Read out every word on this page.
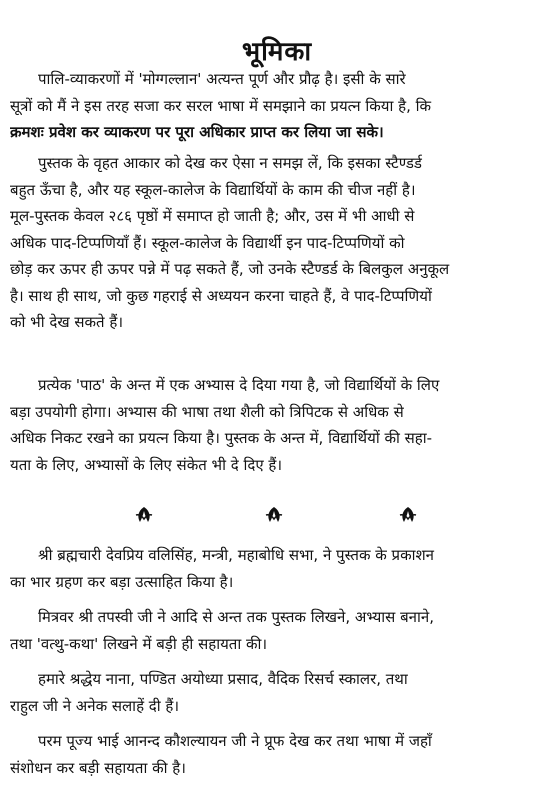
भूमिका

पालि-व्याकरणों में 'मोग्गल्लान' अत्यन्त पूर्ण और प्रौढ़ है। इसी के सारे

सूत्रों को मैं ने इस तरह सजा कर सरल भाषा में समझाने का प्रयत्न किया है, कि

क्रमशः प्रवेश कर व्याकरण पर पूरा अधिकार प्राप्त कर लिया जा सके।

पुस्तक के वृहत आकार को देख कर ऐसा न समझ लें, कि इसका स्टैण्डर्ड

बहुत ऊँचा है, और यह स्कूल-कालेज के विद्यार्थियों के काम की चीज नहीं है।

मूल-पुस्तक केवल २८६ पृष्ठों में समाप्त हो जाती है; और, उस में भी आधी से

अधिक पाद-टिप्पणियाँ हैं। स्कूल-कालेज के विद्यार्थी इन पाद-टिप्पणियों को

छोड़ कर ऊपर ही ऊपर पन्ने में पढ़ सकते हैं, जो उनके स्टैण्डर्ड के बिलकुल अनुकूल

है। साथ ही साथ, जो कुछ गहराई से अध्ययन करना चाहते हैं, वे पाद-टिप्पणियों

को भी देख सकते हैं।

प्रत्येक 'पाठ' के अन्त में एक अभ्यास दे दिया गया है, जो विद्यार्थियों के लिए

बड़ा उपयोगी होगा। अभ्यास की भाषा तथा शैली को त्रिपिटक से अधिक से

अधिक निकट रखने का प्रयत्न किया है। पुस्तक के अन्त में, विद्यार्थियों की सहा-

यता के लिए, अभ्यासों के लिए संकेत भी दे दिए हैं।

श्री ब्रह्मचारी देवप्रिय वलिसिंह, मन्त्री, महाबोधि सभा, ने पुस्तक के प्रकाशन

का भार ग्रहण कर बड़ा उत्साहित किया है।

मित्रवर श्री तपस्वी जी ने आदि से अन्त तक पुस्तक लिखने, अभ्यास बनाने,

तथा 'वत्थु-कथा' लिखने में बड़ी ही सहायता की।

हमारे श्रद्धेय नाना, पण्डित अयोध्या प्रसाद, वैदिक रिसर्च स्कालर, तथा

राहुल जी ने अनेक सलाहें दी हैं।

परम पूज्य भाई आनन्द कौशल्यायन जी ने प्रूफ देख कर तथा भाषा में जहाँ

संशोधन कर बड़ी सहायता की है।
